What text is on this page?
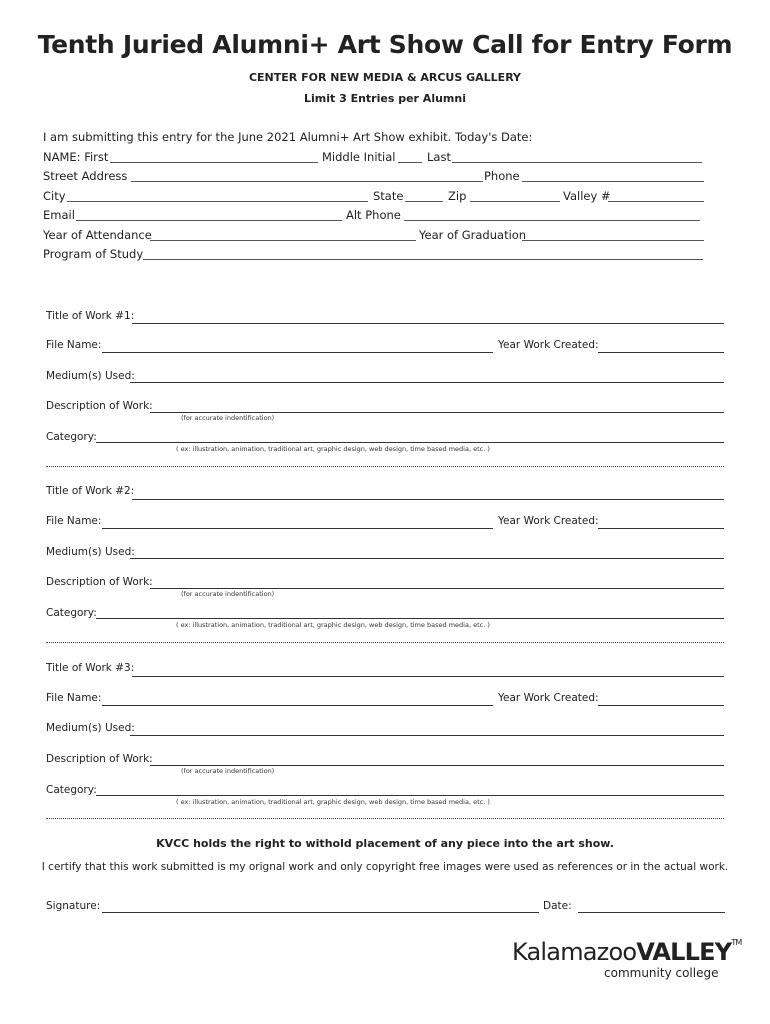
Tenth Juried Alumni+ Art Show Call for Entry Form
CENTER FOR NEW MEDIA & ARCUS GALLERY
Limit 3 Entries per Alumni
I am submitting this entry for the June 2021 Alumni+ Art Show exhibit. Today's Date:
NAME: First	Middle Initial	Last
Street Address	Phone
City	State	Zip	Valley #
Email	Alt Phone
Year of Attendance	Year of Graduation
Program of Study
Title of Work #1:
File Name:	Year Work Created:
Medium(s) Used:
Description of Work:
(for accurate indentification)
Category:
( ex: illustration, animation, traditional art, graphic design, web design, time based media, etc. )
Title of Work #2:
File Name:	Year Work Created:
Medium(s) Used:
Description of Work:
(for accurate indentification)
Category:
( ex: illustration, animation, traditional art, graphic design, web design, time based media, etc. )
Title of Work #3:
File Name:	Year Work Created:
Medium(s) Used:
Description of Work:
(for accurate indentification)
Category:
( ex: illustration, animation, traditional art, graphic design, web design, time based media, etc. )
KVCC holds the right to withold placement of any piece into the art show.
I certify that this work submitted is my orignal work and only copyright free images were used as references or in the actual work.
Signature:	Date:
KalamazooVALLEY™
community college
